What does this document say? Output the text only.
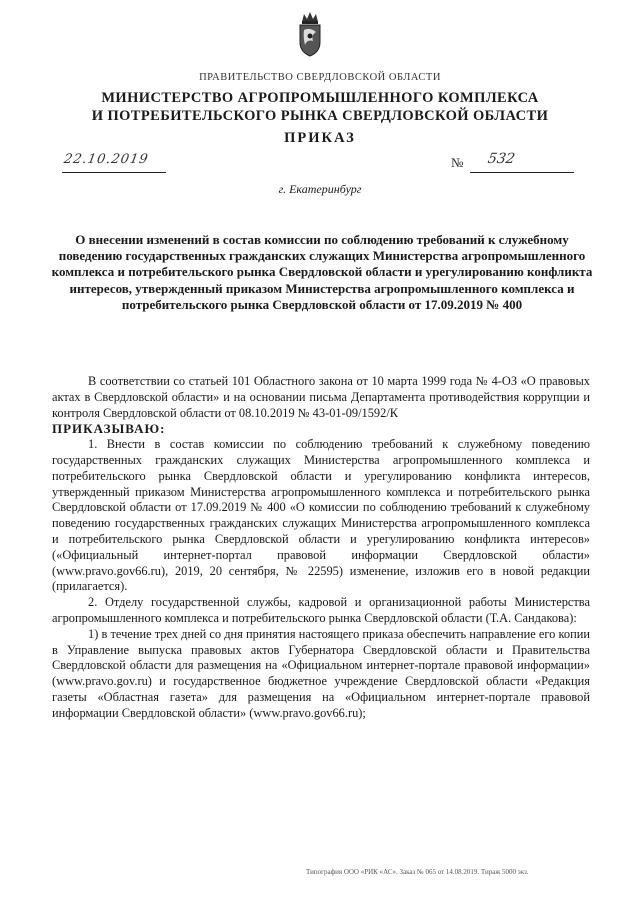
ПРАВИТЕЛЬСТВО СВЕРДЛОВСКОЙ ОБЛАСТИ
МИНИСТЕРСТВО АГРОПРОМЫШЛЕННОГО КОМПЛЕКСА
И ПОТРЕБИТЕЛЬСКОГО РЫНКА СВЕРДЛОВСКОЙ ОБЛАСТИ
ПРИКАЗ
22.10.2019	№ 532
г. Екатеринбург
О внесении изменений в состав комиссии по соблюдению требований к служебному поведению государственных гражданских служащих Министерства агропромышленного комплекса и потребительского рынка Свердловской области и урегулированию конфликта интересов, утвержденный приказом Министерства агропромышленного комплекса и потребительского рынка Свердловской области от 17.09.2019 № 400

В соответствии со статьей 101 Областного закона от 10 марта 1999 года № 4-ОЗ «О правовых актах в Свердловской области» и на основании письма Департамента противодействия коррупции и контроля Свердловской области от 08.10.2019 № 43-01-09/1592/К

ПРИКАЗЫВАЮ:

1. Внести в состав комиссии по соблюдению требований к служебному поведению государственных гражданских служащих Министерства агропромышленного комплекса и потребительского рынка Свердловской области и урегулированию конфликта интересов, утвержденный приказом Министерства агропромышленного комплекса и потребительского рынка Свердловской области от 17.09.2019 № 400 «О комиссии по соблюдению требований к служебному поведению государственных гражданских служащих Министерства агропромышленного комплекса и потребительского рынка Свердловской области и урегулированию конфликта интересов» («Официальный интернет-портал правовой информации Свердловской области» (www.pravo.gov66.ru), 2019, 20 сентября, № 22595) изменение, изложив его в новой редакции (прилагается).

2. Отделу государственной службы, кадровой и организационной работы Министерства агропромышленного комплекса и потребительского рынка Свердловской области (Т.А. Сандакова):

1) в течение трех дней со дня принятия настоящего приказа обеспечить направление его копии в Управление выпуска правовых актов Губернатора Свердловской области и Правительства Свердловской области для размещения на «Официальном интернет-портале правовой информации» (www.pravo.gov.ru) и государственное бюджетное учреждение Свердловской области «Редакция газеты «Областная газета» для размещения на «Официальном интернет-портале правовой информации Свердловской области» (www.pravo.gov66.ru);

Типография ООО «РИК «АС». Заказ № 065 от 14.08.2019. Тираж 5000 экз.
